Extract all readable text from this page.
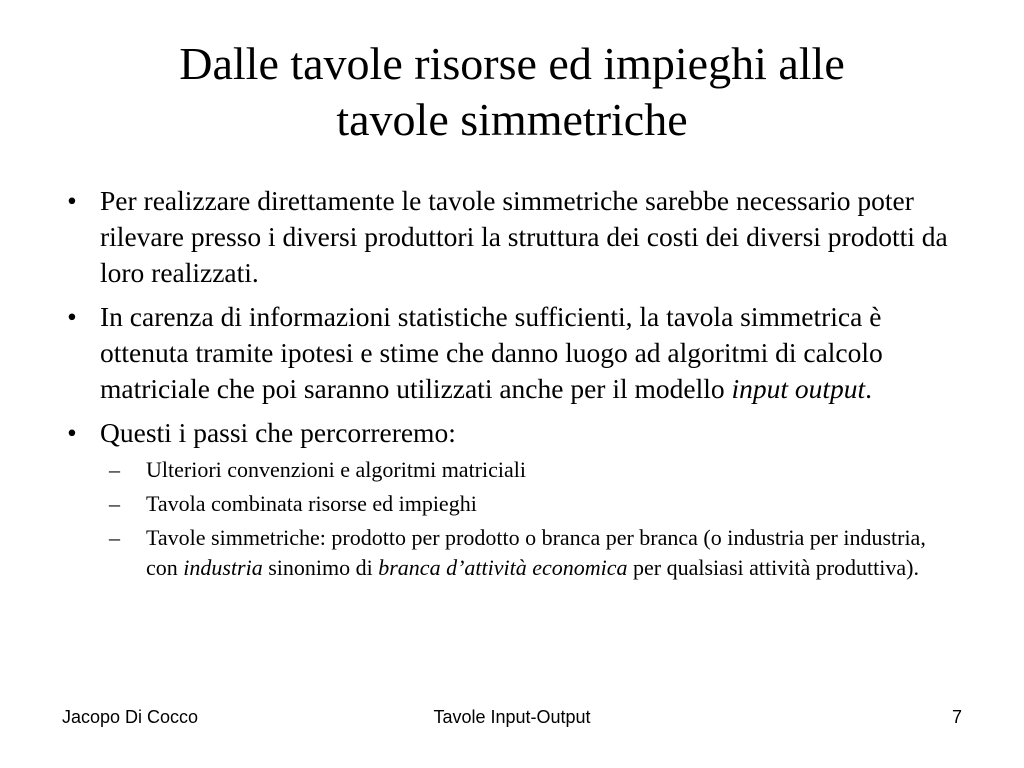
Dalle tavole risorse ed impieghi alle
tavole simmetriche
• Per realizzare direttamente le tavole simmetriche sarebbe necessario poter rilevare presso i diversi produttori la struttura dei costi dei diversi prodotti da loro realizzati.
• In carenza di informazioni statistiche sufficienti, la tavola simmetrica è ottenuta tramite ipotesi e stime che danno luogo ad algoritmi di calcolo matriciale che poi saranno utilizzati anche per il modello input output.
• Questi i passi che percorreremo:
– Ulteriori convenzioni e algoritmi matriciali
– Tavola combinata risorse ed impieghi
– Tavole simmetriche: prodotto per prodotto o branca per branca (o industria per industria, con industria sinonimo di branca d’attività economica per qualsiasi attività produttiva).
Jacopo Di Cocco	Tavole Input-Output	7
